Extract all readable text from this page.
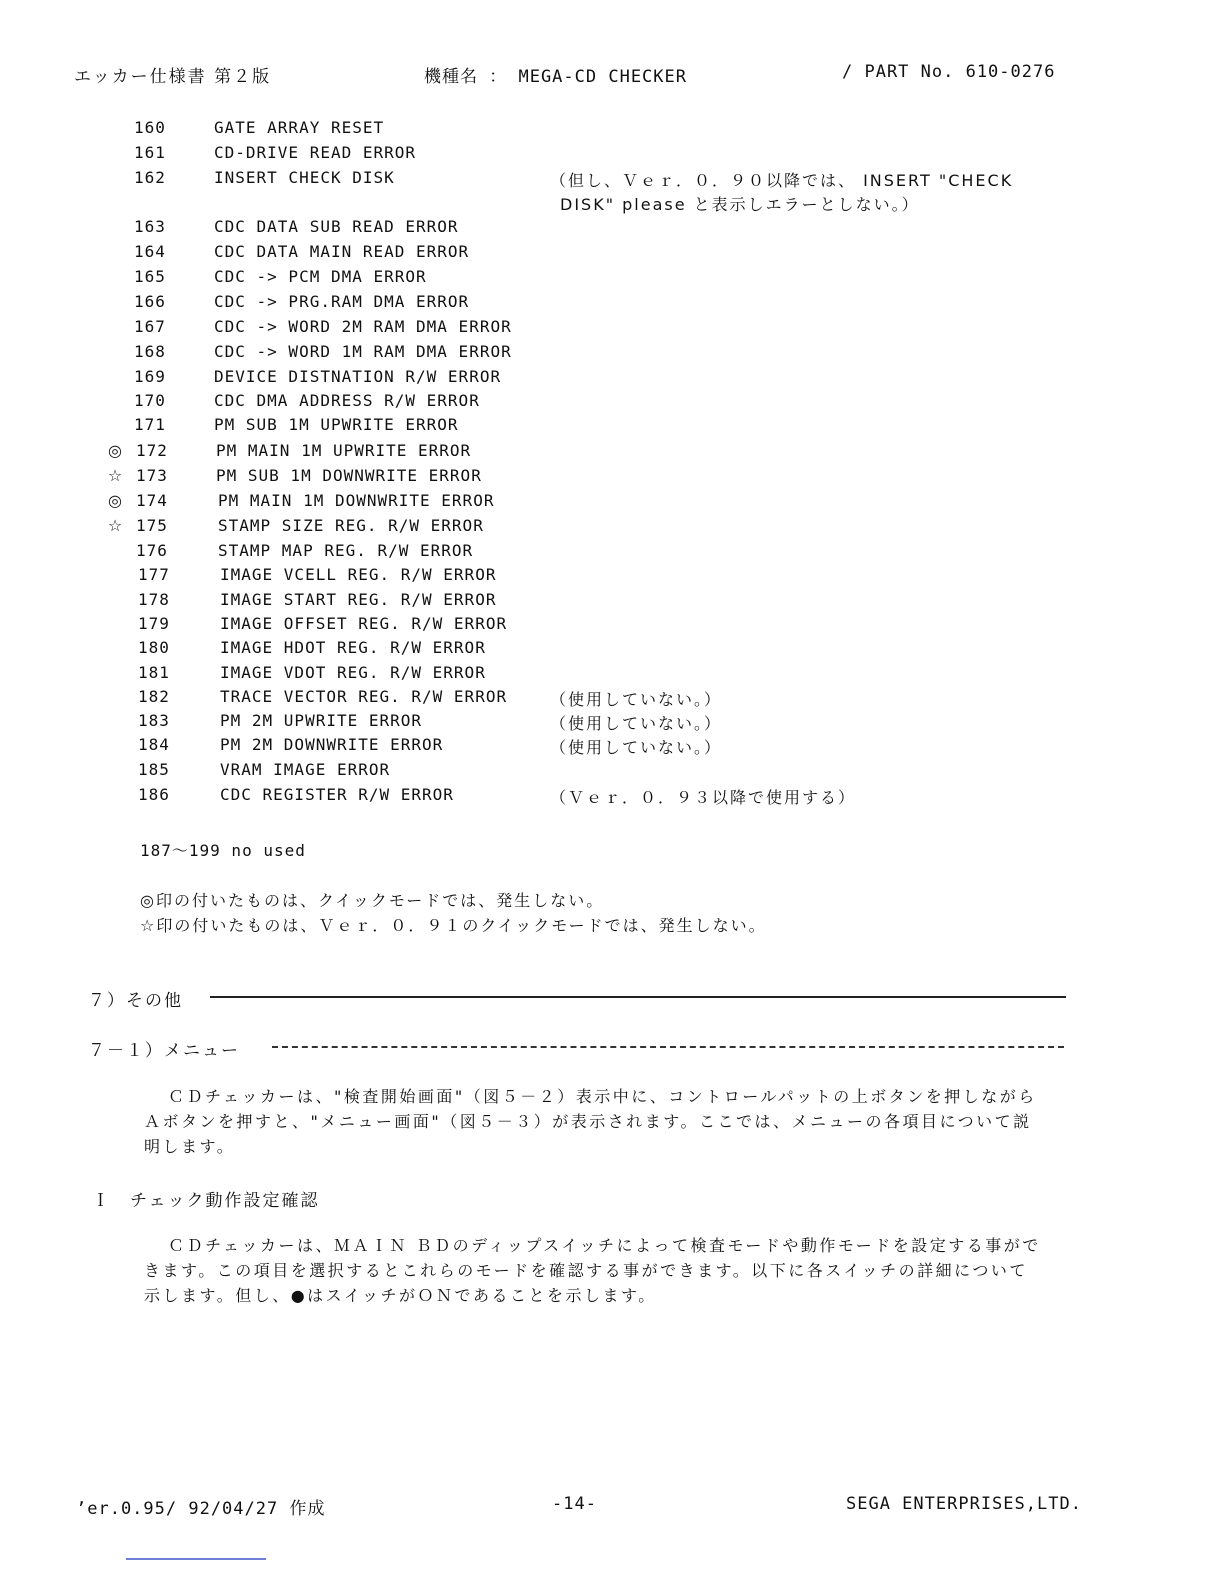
エッカー仕様書 第２版	機種名 ： MEGA-CD CHECKER	/ PART No. 610-0276
160	GATE ARRAY RESET
161	CD-DRIVE READ ERROR
162	INSERT CHECK DISK	（但し、Ｖｅｒ．０．９０以降では、 INSERT "CHECK
DISK" please と表示しエラーとしない。）
163	CDC DATA SUB READ ERROR
164	CDC DATA MAIN READ ERROR
165	CDC -> PCM DMA ERROR
166	CDC -> PRG.RAM DMA ERROR
167	CDC -> WORD 2M RAM DMA ERROR
168	CDC -> WORD 1M RAM DMA ERROR
169	DEVICE DISTNATION R/W ERROR
170	CDC DMA ADDRESS R/W ERROR
171	PM SUB 1M UPWRITE ERROR
◎ 172	PM MAIN 1M UPWRITE ERROR
☆ 173	PM SUB 1M DOWNWRITE ERROR
◎ 174	PM MAIN 1M DOWNWRITE ERROR
☆ 175	STAMP SIZE REG. R/W ERROR
176	STAMP MAP REG. R/W ERROR
177	IMAGE VCELL REG. R/W ERROR
178	IMAGE START REG. R/W ERROR
179	IMAGE OFFSET REG. R/W ERROR
180	IMAGE HDOT REG. R/W ERROR
181	IMAGE VDOT REG. R/W ERROR
182	TRACE VECTOR REG. R/W ERROR	（使用していない。）
183	PM 2M UPWRITE ERROR	（使用していない。）
184	PM 2M DOWNWRITE ERROR	（使用していない。）
185	VRAM IMAGE ERROR
186	CDC REGISTER R/W ERROR	（Ｖｅｒ．０．９３以降で使用する）
187〜199 no used
◎印の付いたものは、クイックモードでは、発生しない。
☆印の付いたものは、Ｖｅｒ．０．９１のクイックモードでは、発生しない。
７）その他
７－１）メニュー
ＣＤチェッカーは、"検査開始画面"（図５－２）表示中に、コントロールパットの上ボタンを押しながらＡボタンを押すと、"メニュー画面"（図５－３）が表示されます。ここでは、メニューの各項目について説明します。
Ｉ　チェック動作設定確認
ＣＤチェッカーは、ＭＡＩＮ ＢＤのディップスイッチによって検査モードや動作モードを設定する事ができます。この項目を選択するとこれらのモードを確認する事ができます。以下に各スイッチの詳細について示します。但し、●はスイッチがＯＮであることを示します。
ʼer.0.95/ 92/04/27 作成	-14-	SEGA ENTERPRISES,LTD.
